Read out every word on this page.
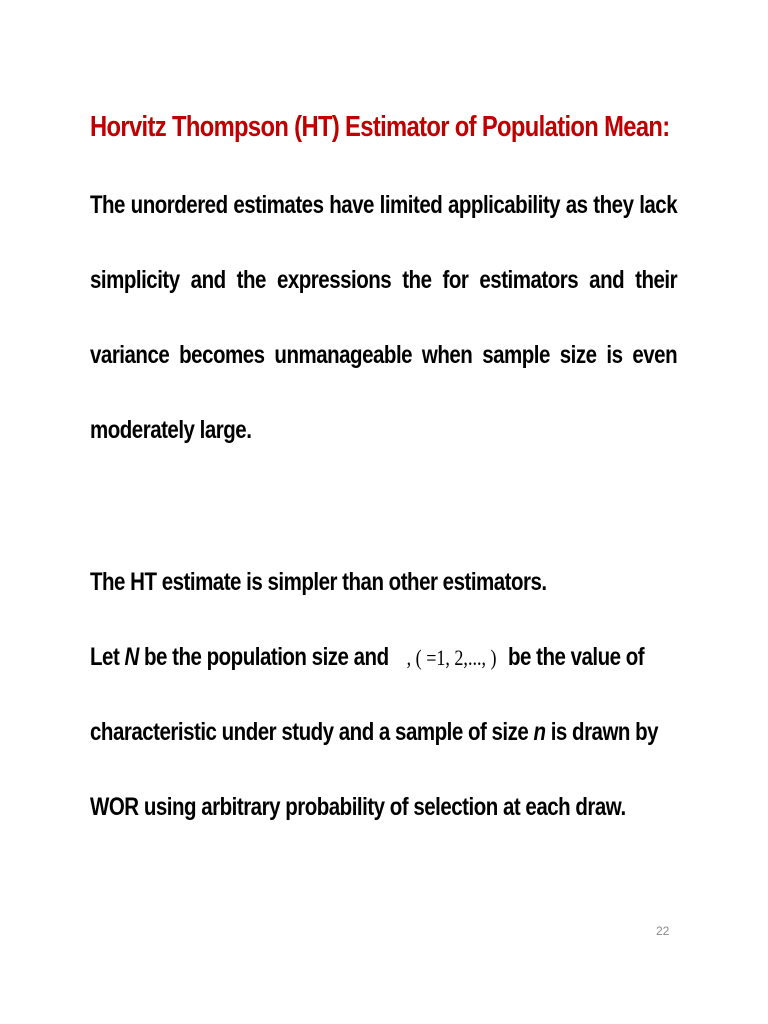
Horvitz Thompson (HT) Estimator of Population Mean:
The unordered estimates have limited applicability as they lack
simplicity and the expressions the for estimators and their
variance becomes unmanageable when sample size is even
moderately large.
The HT estimate is simpler than other estimators.
Let N be the population size and , ( =1, 2,..., ) be the value of
characteristic under study and a sample of size n is drawn by
WOR using arbitrary probability of selection at each draw.
22
